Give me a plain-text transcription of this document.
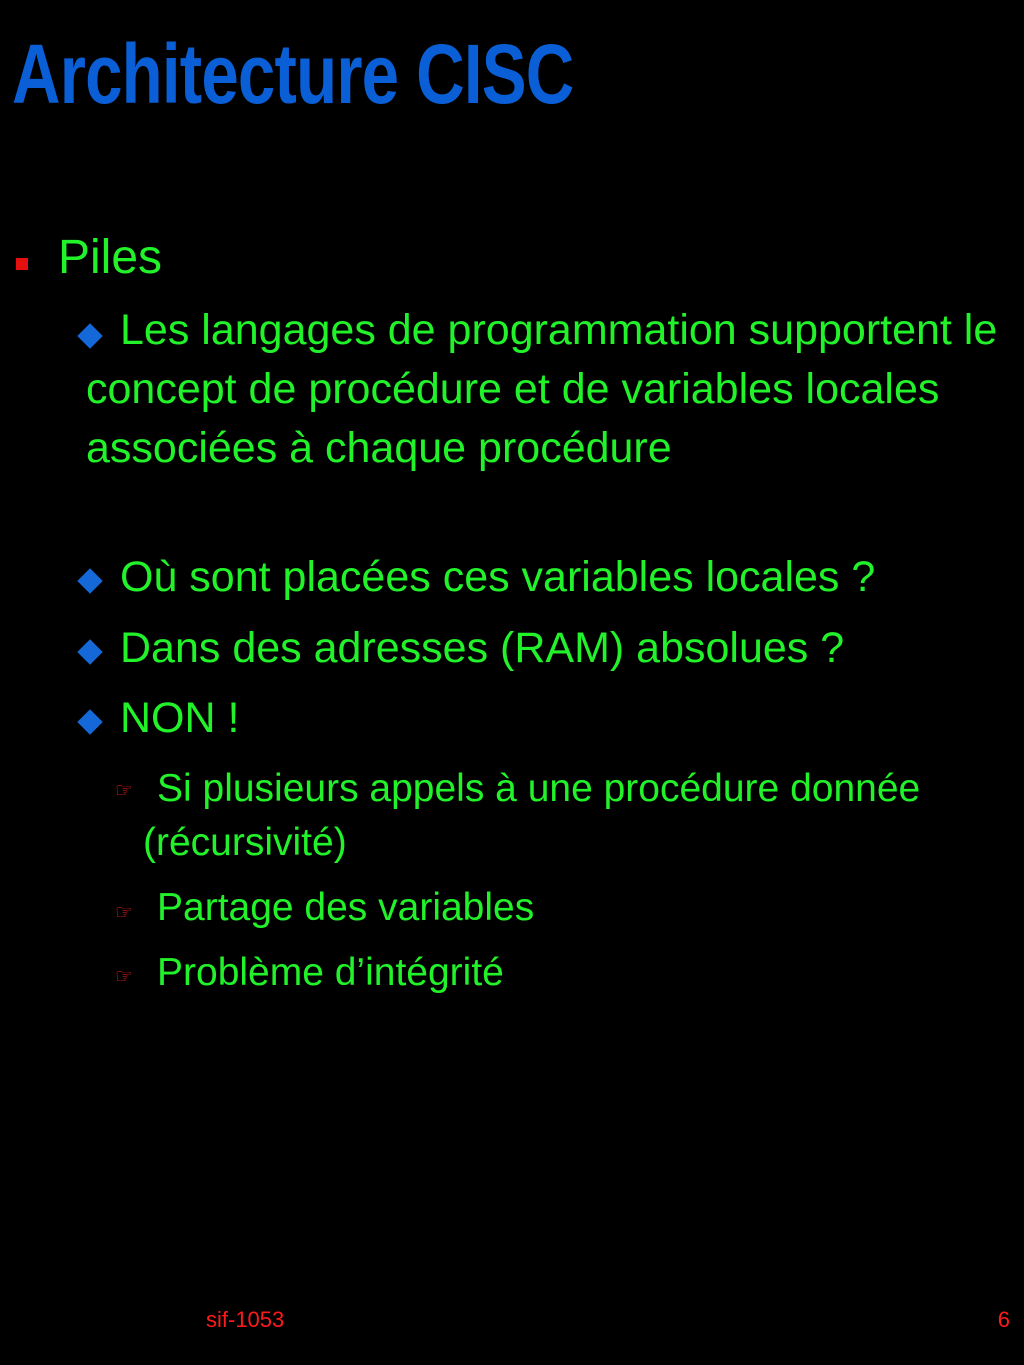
Architecture CISC
Piles
Les langages de programmation supportent le concept de procédure et de variables locales associées à chaque procédure
Où sont placées ces variables locales ?
Dans des adresses (RAM) absolues ?
NON !
☞ Si plusieurs appels à une procédure donnée (récursivité)
☞ Partage des variables
☞ Problème d’intégrité
sif-1053	6
